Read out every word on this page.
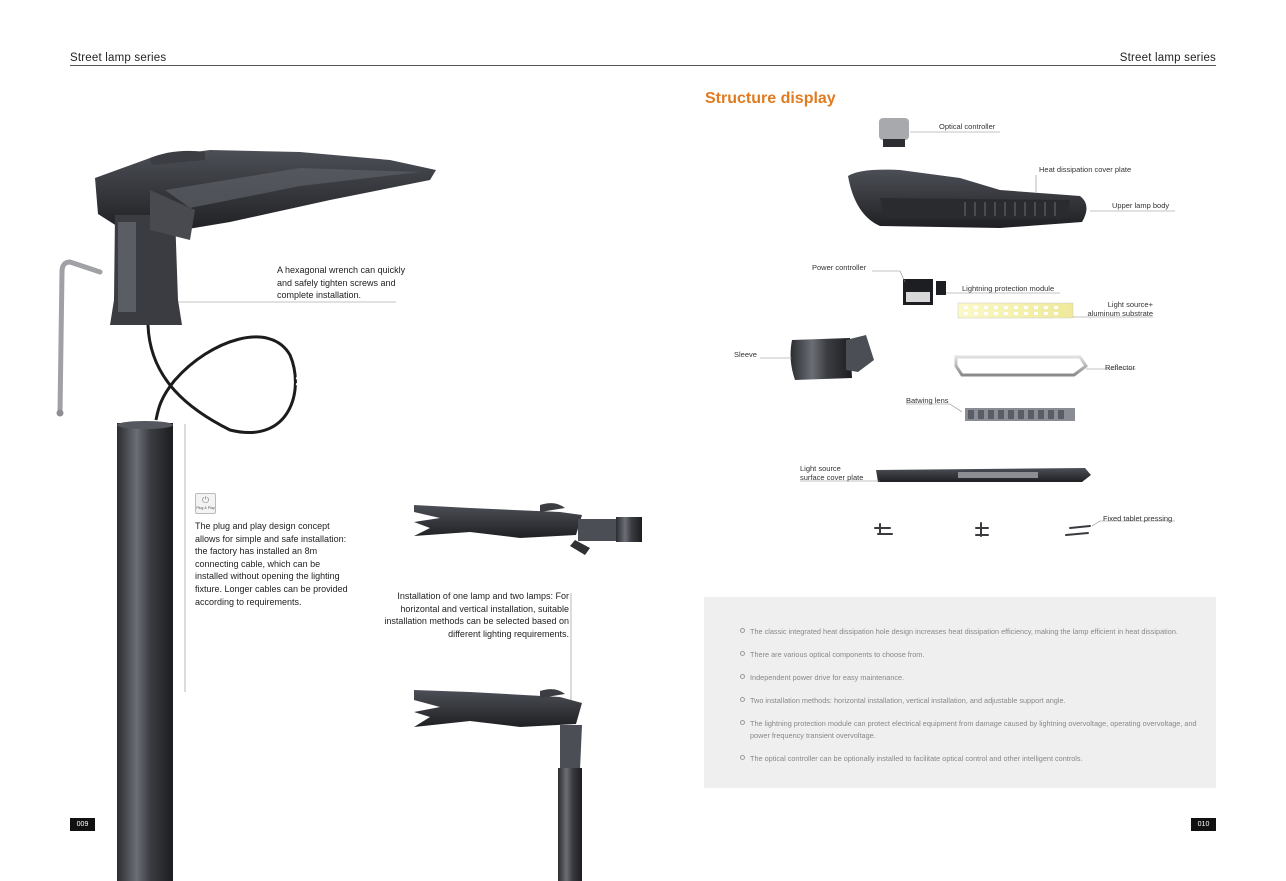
Street lamp series	Street lamp series
A hexagonal wrench can quickly and safely tighten screws and complete installation.
⏻
Plug & Play
The plug and play design concept allows for simple and safe installation: the factory has installed an 8m connecting cable, which can be installed without opening the lighting fixture. Longer cables can be provided according to requirements.
Installation of one lamp and two lamps: For horizontal and vertical installation, suitable installation methods can be selected based on different lighting requirements.
Structure display
Optical controller
Heat dissipation cover plate
Upper lamp body
Power controller
Lightning protection module
Light source+
aluminum substrate
Sleeve
Reflector
Batwing lens
Light source
surface cover plate
Fixed tablet pressing
The classic integrated heat dissipation hole design increases heat dissipation efficiency, making the lamp efficient in heat dissipation.
There are various optical components to choose from.
Independent power drive for easy maintenance.
Two installation methods: horizontal installation, vertical installation, and adjustable support angle.
The lightning protection module can protect electrical equipment from damage caused by lightning overvoltage, operating overvoltage, and power frequency transient overvoltage.
The optical controller can be optionally installed to facilitate optical control and other intelligent controls.
009	010
